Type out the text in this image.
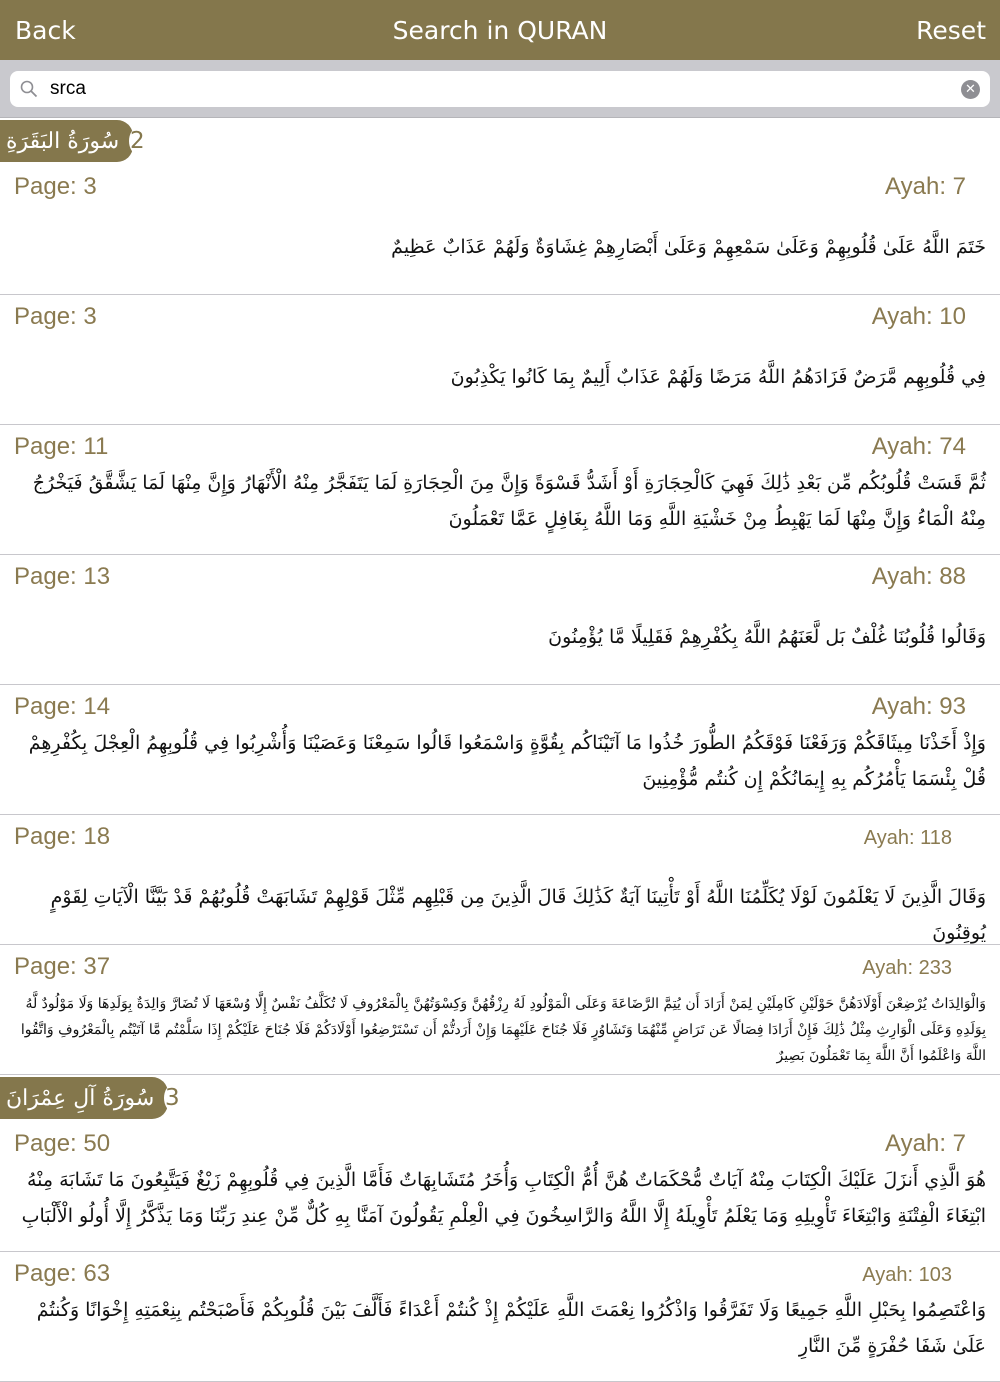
Back	Search in QURAN	Reset
srca
✕
سُورَةُ البَقَرَةِ 2
Page: 3	Ayah: 7
خَتَمَ اللَّهُ عَلَىٰ قُلُوبِهِمْ وَعَلَىٰ سَمْعِهِمْ وَعَلَىٰ أَبْصَارِهِمْ غِشَاوَةٌ وَلَهُمْ عَذَابٌ عَظِيمٌ
Page: 3	Ayah: 10
فِي قُلُوبِهِم مَّرَضٌ فَزَادَهُمُ اللَّهُ مَرَضًا وَلَهُمْ عَذَابٌ أَلِيمٌ بِمَا كَانُوا يَكْذِبُونَ
Page: 11	Ayah: 74
ثُمَّ قَسَتْ قُلُوبُكُم مِّن بَعْدِ ذَٰلِكَ فَهِيَ كَالْحِجَارَةِ أَوْ أَشَدُّ قَسْوَةً وَإِنَّ مِنَ الْحِجَارَةِ لَمَا يَتَفَجَّرُ مِنْهُ الْأَنْهَارُ وَإِنَّ مِنْهَا لَمَا يَشَّقَّقُ فَيَخْرُجُ مِنْهُ الْمَاءُ وَإِنَّ مِنْهَا لَمَا يَهْبِطُ مِنْ خَشْيَةِ اللَّهِ وَمَا اللَّهُ بِغَافِلٍ عَمَّا تَعْمَلُونَ
Page: 13	Ayah: 88
وَقَالُوا قُلُوبُنَا غُلْفٌ بَل لَّعَنَهُمُ اللَّهُ بِكُفْرِهِمْ فَقَلِيلًا مَّا يُؤْمِنُونَ
Page: 14	Ayah: 93
وَإِذْ أَخَذْنَا مِيثَاقَكُمْ وَرَفَعْنَا فَوْقَكُمُ الطُّورَ خُذُوا مَا آتَيْنَاكُم بِقُوَّةٍ وَاسْمَعُوا قَالُوا سَمِعْنَا وَعَصَيْنَا وَأُشْرِبُوا فِي قُلُوبِهِمُ الْعِجْلَ بِكُفْرِهِمْ قُلْ بِئْسَمَا يَأْمُرُكُم بِهِ إِيمَانُكُمْ إِن كُنتُم مُّؤْمِنِينَ
Page: 18	Ayah: 118
وَقَالَ الَّذِينَ لَا يَعْلَمُونَ لَوْلَا يُكَلِّمُنَا اللَّهُ أَوْ تَأْتِينَا آيَةٌ كَذَٰلِكَ قَالَ الَّذِينَ مِن قَبْلِهِم مِّثْلَ قَوْلِهِمْ تَشَابَهَتْ قُلُوبُهُمْ قَدْ بَيَّنَّا الْآيَاتِ لِقَوْمٍ يُوقِنُونَ
Page: 37	Ayah: 233
وَالْوَالِدَاتُ يُرْضِعْنَ أَوْلَادَهُنَّ حَوْلَيْنِ كَامِلَيْنِ لِمَنْ أَرَادَ أَن يُتِمَّ الرَّضَاعَةَ وَعَلَى الْمَوْلُودِ لَهُ رِزْقُهُنَّ وَكِسْوَتُهُنَّ بِالْمَعْرُوفِ لَا تُكَلَّفُ نَفْسٌ إِلَّا وُسْعَهَا لَا تُضَارَّ وَالِدَةٌ بِوَلَدِهَا وَلَا مَوْلُودٌ لَّهُ بِوَلَدِهِ وَعَلَى الْوَارِثِ مِثْلُ ذَٰلِكَ فَإِنْ أَرَادَا فِصَالًا عَن تَرَاضٍ مِّنْهُمَا وَتَشَاوُرٍ فَلَا جُنَاحَ عَلَيْهِمَا وَإِنْ أَرَدتُّمْ أَن تَسْتَرْضِعُوا أَوْلَادَكُمْ فَلَا جُنَاحَ عَلَيْكُمْ إِذَا سَلَّمْتُم مَّا آتَيْتُم بِالْمَعْرُوفِ وَاتَّقُوا اللَّهَ وَاعْلَمُوا أَنَّ اللَّهَ بِمَا تَعْمَلُونَ بَصِيرٌ
سُورَةُ آلِ عِمْرَانَ 3
Page: 50	Ayah: 7
هُوَ الَّذِي أَنزَلَ عَلَيْكَ الْكِتَابَ مِنْهُ آيَاتٌ مُّحْكَمَاتٌ هُنَّ أُمُّ الْكِتَابِ وَأُخَرُ مُتَشَابِهَاتٌ فَأَمَّا الَّذِينَ فِي قُلُوبِهِمْ زَيْغٌ فَيَتَّبِعُونَ مَا تَشَابَهَ مِنْهُ ابْتِغَاءَ الْفِتْنَةِ وَابْتِغَاءَ تَأْوِيلِهِ وَمَا يَعْلَمُ تَأْوِيلَهُ إِلَّا اللَّهُ وَالرَّاسِخُونَ فِي الْعِلْمِ يَقُولُونَ آمَنَّا بِهِ كُلٌّ مِّنْ عِندِ رَبِّنَا وَمَا يَذَّكَّرُ إِلَّا أُولُو الْأَلْبَابِ
Page: 63	Ayah: 103
وَاعْتَصِمُوا بِحَبْلِ اللَّهِ جَمِيعًا وَلَا تَفَرَّقُوا وَاذْكُرُوا نِعْمَتَ اللَّهِ عَلَيْكُمْ إِذْ كُنتُمْ أَعْدَاءً فَأَلَّفَ بَيْنَ قُلُوبِكُمْ فَأَصْبَحْتُم بِنِعْمَتِهِ إِخْوَانًا وَكُنتُمْ عَلَىٰ شَفَا حُفْرَةٍ مِّنَ النَّارِ
